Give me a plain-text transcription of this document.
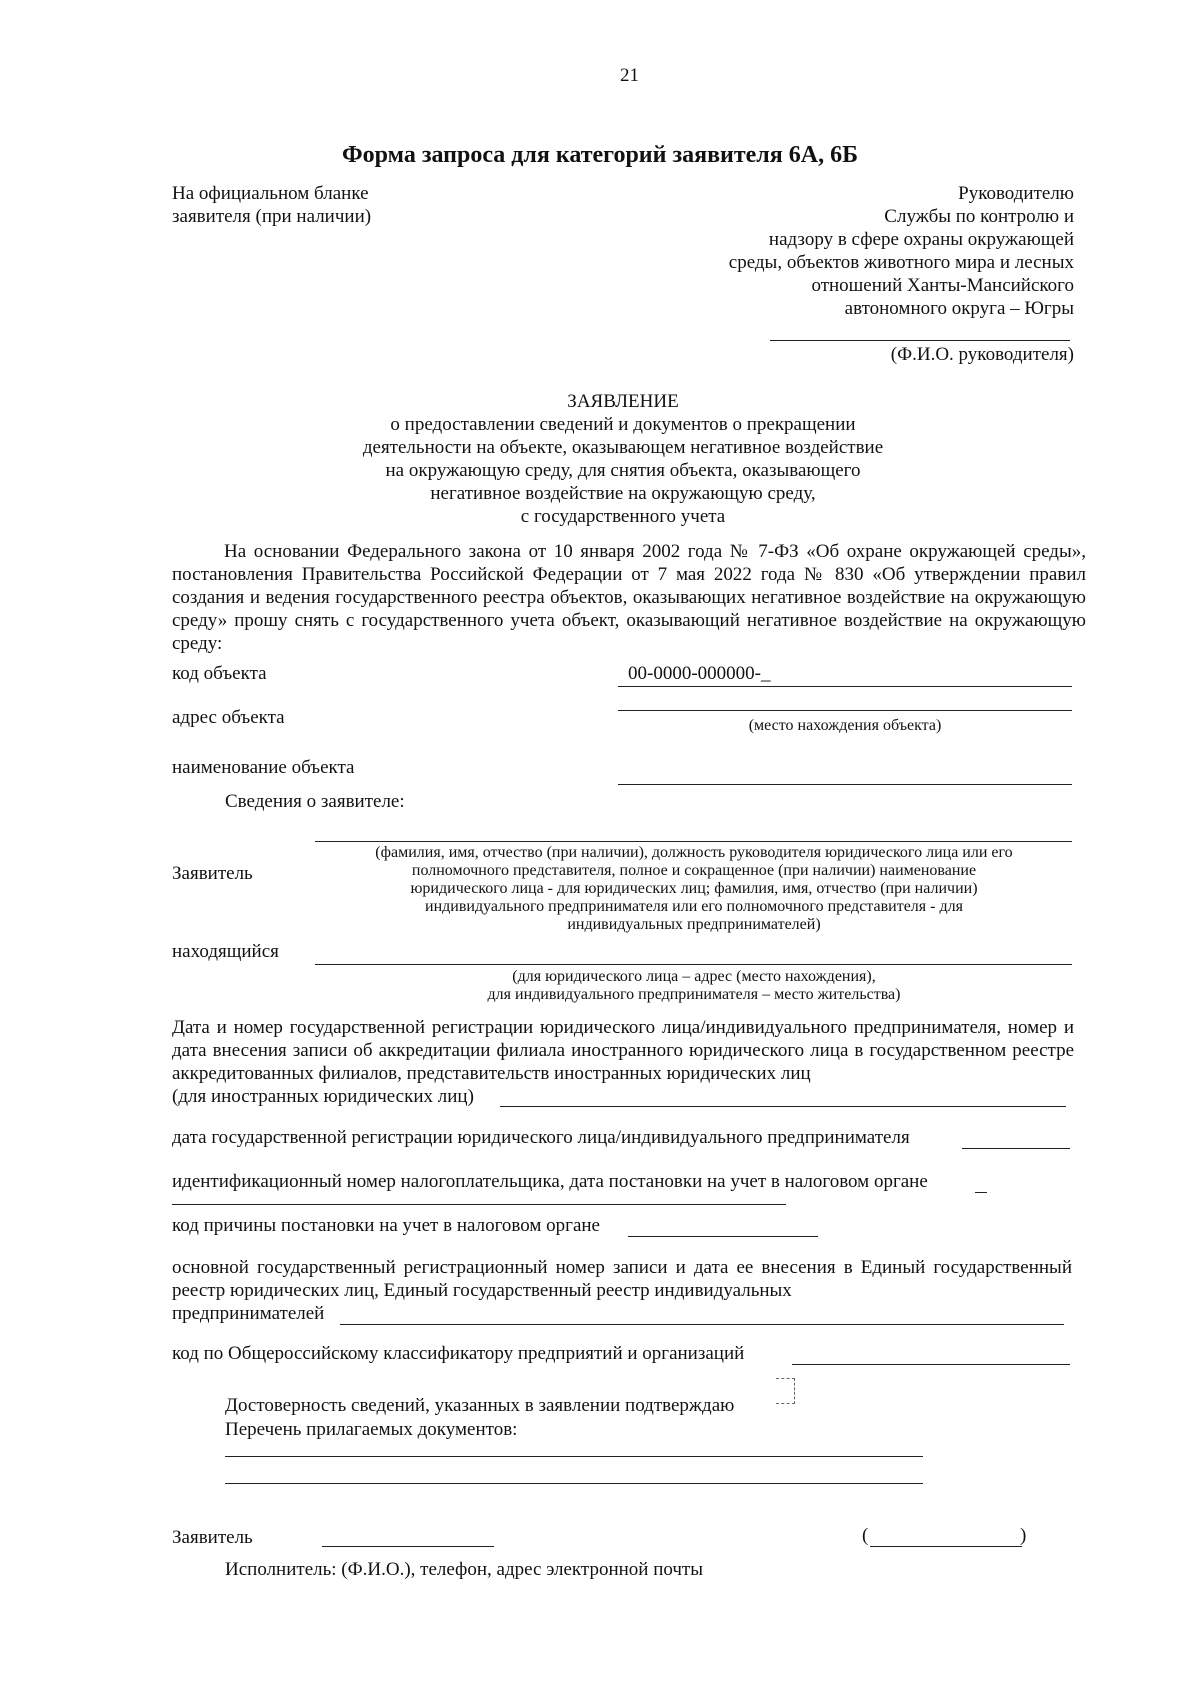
21
Форма запроса для категорий заявителя 6А, 6Б
На официальном бланке
заявителя (при наличии)
Руководителю
Службы по контролю и
надзору в сфере охраны окружающей
среды, объектов животного мира и лесных
отношений Ханты-Мансийского
автономного округа – Югры
(Ф.И.О. руководителя)
ЗАЯВЛЕНИЕ
о предоставлении сведений и документов о прекращении
деятельности на объекте, оказывающем негативное воздействие
на окружающую среду, для снятия объекта, оказывающего
негативное воздействие на окружающую среду,
с государственного учета
На основании Федерального закона от 10 января 2002 года № 7-ФЗ «Об охране окружающей среды», постановления Правительства Российской Федерации от 7 мая 2022 года № 830 «Об утверждении правил создания и ведения государственного реестра объектов, оказывающих негативное воздействие на окружающую среду» прошу снять с государственного учета объект, оказывающий негативное воздействие на окружающую среду:
код объекта	00-0000-000000-_
адрес объекта	(место нахождения объекта)
наименование объекта
Сведения о заявителе:
(фамилия, имя, отчество (при наличии), должность руководителя юридического лица или его
полномочного представителя, полное и сокращенное (при наличии) наименование
юридического лица - для юридических лиц; фамилия, имя, отчество (при наличии)
индивидуального предпринимателя или его полномочного представителя - для
индивидуальных предпринимателей)
Заявитель
находящийся
(для юридического лица – адрес (место нахождения),
для индивидуального предпринимателя – место жительства)
Дата и номер государственной регистрации юридического лица/индивидуального предпринимателя, номер и дата внесения записи об аккредитации филиала иностранного юридического лица в государственном реестре аккредитованных филиалов, представительств иностранных юридических лиц
(для иностранных юридических лиц)
дата государственной регистрации юридического лица/индивидуального предпринимателя
идентификационный номер налогоплательщика, дата постановки на учет в налоговом органе
код причины постановки на учет в налоговом органе
основной государственный регистрационный номер записи и дата ее внесения в Единый государственный реестр юридических лиц, Единый государственный реестр индивидуальных
предпринимателей
код по Общероссийскому классификатору предприятий и организаций
Достоверность сведений, указанных в заявлении подтверждаю
Перечень прилагаемых документов:
Заявитель	(	)
Исполнитель: (Ф.И.О.), телефон, адрес электронной почты
